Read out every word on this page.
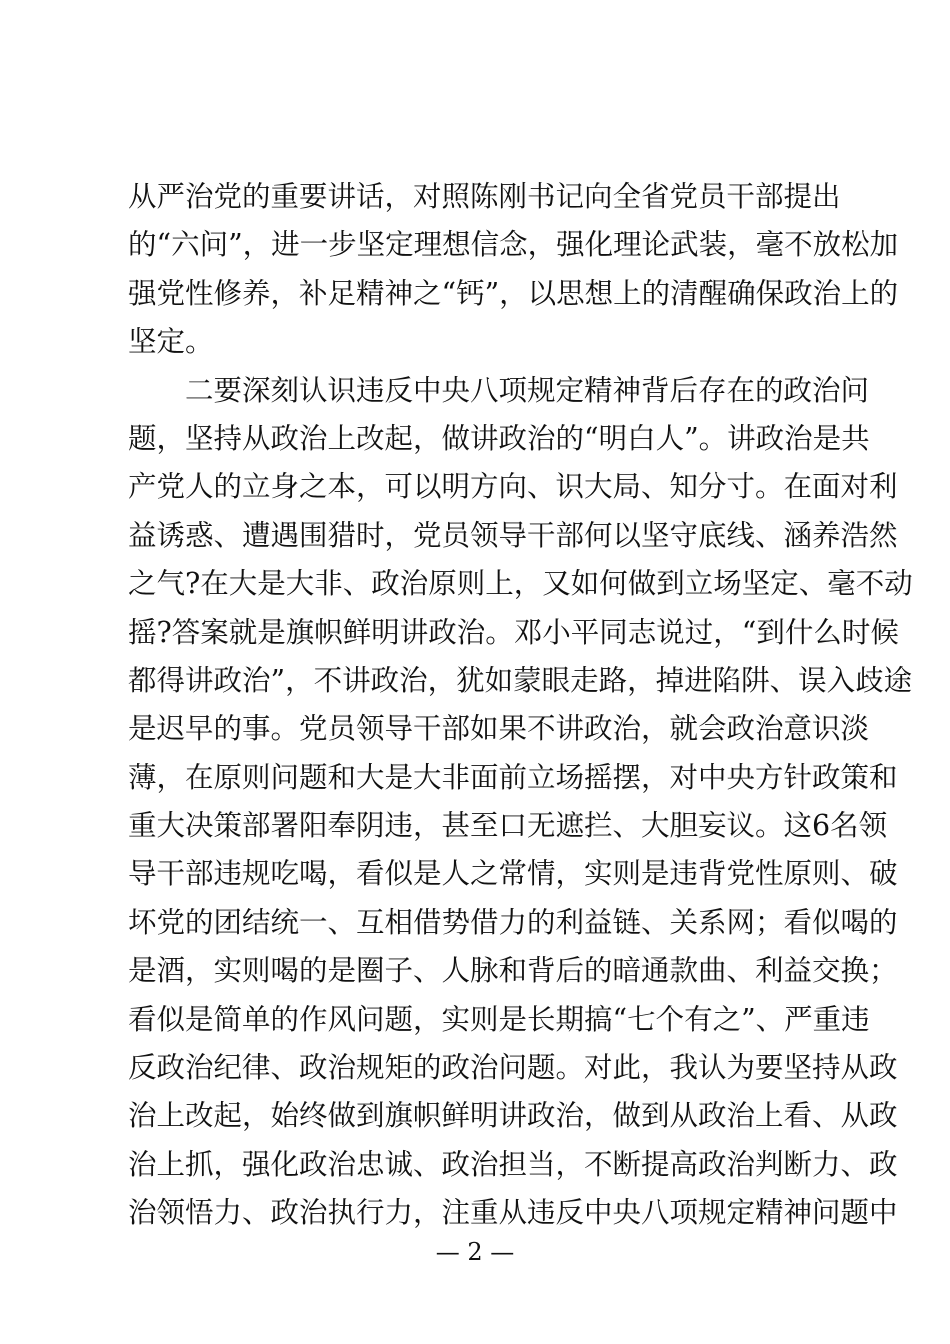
从严治党的重要讲话，对照陈刚书记向全省党员干部提出
的“六问”，进一步坚定理想信念，强化理论武装，毫不放松加
强党性修养，补足精神之“钙”，以思想上的清醒确保政治上的
坚定。
　　二要深刻认识违反中央八项规定精神背后存在的政治问
题，坚持从政治上改起，做讲政治的“明白人”。讲政治是共
产党人的立身之本，可以明方向、识大局、知分寸。在面对利
益诱惑、遭遇围猎时，党员领导干部何以坚守底线、涵养浩然
之气?在大是大非、政治原则上，又如何做到立场坚定、毫不动
摇?答案就是旗帜鲜明讲政治。邓小平同志说过，“到什么时候
都得讲政治”，不讲政治，犹如蒙眼走路，掉进陷阱、误入歧途
是迟早的事。党员领导干部如果不讲政治，就会政治意识淡
薄，在原则问题和大是大非面前立场摇摆，对中央方针政策和
重大决策部署阳奉阴违，甚至口无遮拦、大胆妄议。这6名领
导干部违规吃喝，看似是人之常情，实则是违背党性原则、破
坏党的团结统一、互相借势借力的利益链、关系网；看似喝的
是酒，实则喝的是圈子、人脉和背后的暗通款曲、利益交换；
看似是简单的作风问题，实则是长期搞“七个有之”、严重违
反政治纪律、政治规矩的政治问题。对此，我认为要坚持从政
治上改起，始终做到旗帜鲜明讲政治，做到从政治上看、从政
治上抓，强化政治忠诚、政治担当，不断提高政治判断力、政
治领悟力、政治执行力，注重从违反中央八项规定精神问题中
— 2 —
